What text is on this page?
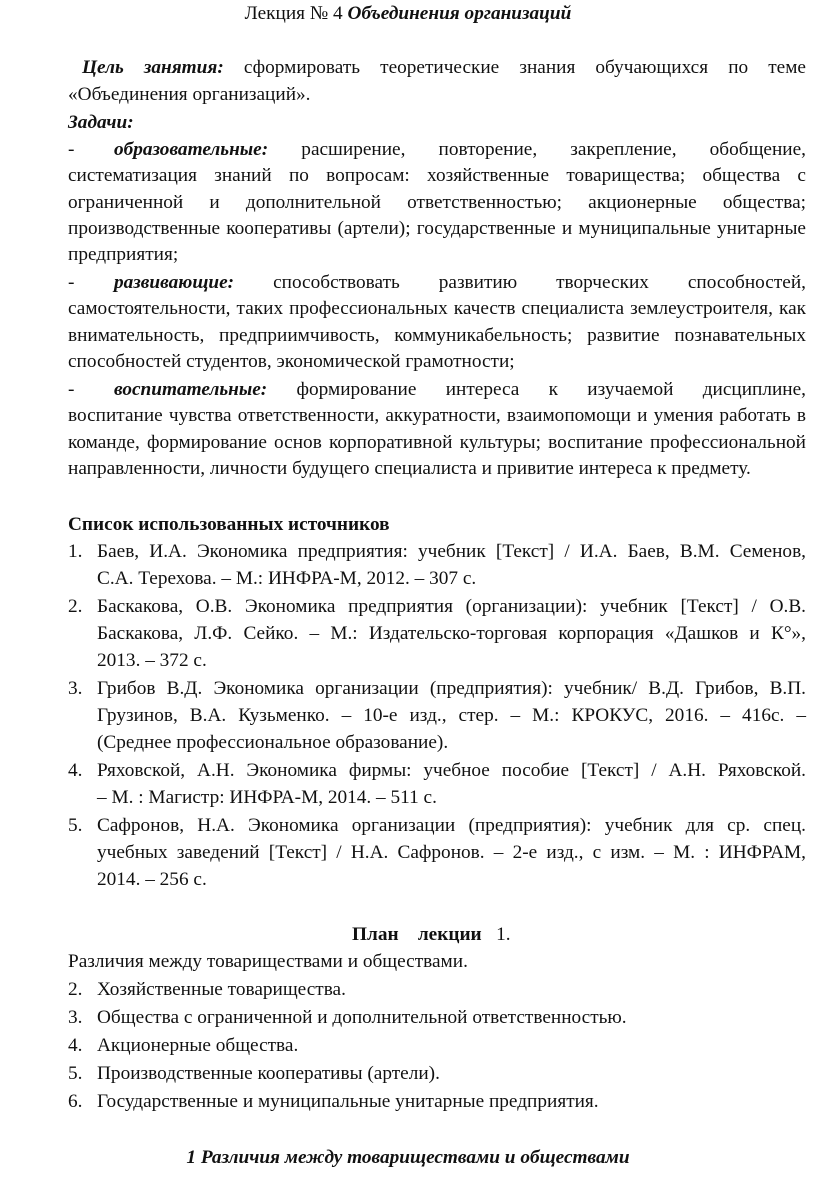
Лекция № 4 Объединения организаций
Цель занятия: сформировать теоретические знания обучающихся по теме
«Объединения организаций».
Задачи:
- образовательные: расширение, повторение, закрепление, обобщение,
систематизация знаний по вопросам: хозяйственные товарищества; общества с
ограниченной и дополнительной ответственностью; акционерные общества;
производственные кооперативы (артели); государственные и муниципальные унитарные
предприятия;
- развивающие: способствовать развитию творческих способностей,
самостоятельности, таких профессиональных качеств специалиста землеустроителя, как
внимательность, предприимчивость, коммуникабельность; развитие познавательных
способностей студентов, экономической грамотности;
- воспитательные: формирование интереса к изучаемой дисциплине,
воспитание чувства ответственности, аккуратности, взаимопомощи и умения работать в
команде, формирование основ корпоративной культуры; воспитание профессиональной
направленности, личности будущего специалиста и привитие интереса к предмету.
Список использованных источников
1. Баев, И.А. Экономика предприятия: учебник [Текст] / И.А. Баев, В.М. Семенов,
С.А. Терехова. – М.: ИНФРА-М, 2012. – 307 с.
2. Баскакова, О.В. Экономика предприятия (организации): учебник [Текст] / О.В.
Баскакова, Л.Ф. Сейко. – М.: Издательско-торговая корпорация «Дашков и К°»,
2013. – 372 с.
3. Грибов В.Д. Экономика организации (предприятия): учебник/ В.Д. Грибов, В.П.
Грузинов, В.А. Кузьменко. – 10-е изд., стер. – М.: КРОКУС, 2016. – 416с. –
(Среднее профессиональное образование).
4. Ряховской, А.Н. Экономика фирмы: учебное пособие [Текст] / А.Н. Ряховской.
– М. : Магистр: ИНФРА-М, 2014. – 511 с.
5. Сафронов, Н.А. Экономика организации (предприятия): учебник для ср. спец.
учебных заведений [Текст] / Н.А. Сафронов. – 2-е изд., с изм. – М. : ИНФРАМ,
2014. – 256 с.
План    лекции 1.
Различия между товариществами и обществами.
2. Хозяйственные товарищества.
3. Общества с ограниченной и дополнительной ответственностью.
4. Акционерные общества.
5. Производственные кооперативы (артели).
6. Государственные и муниципальные унитарные предприятия.
1 Различия между товариществами и обществами
